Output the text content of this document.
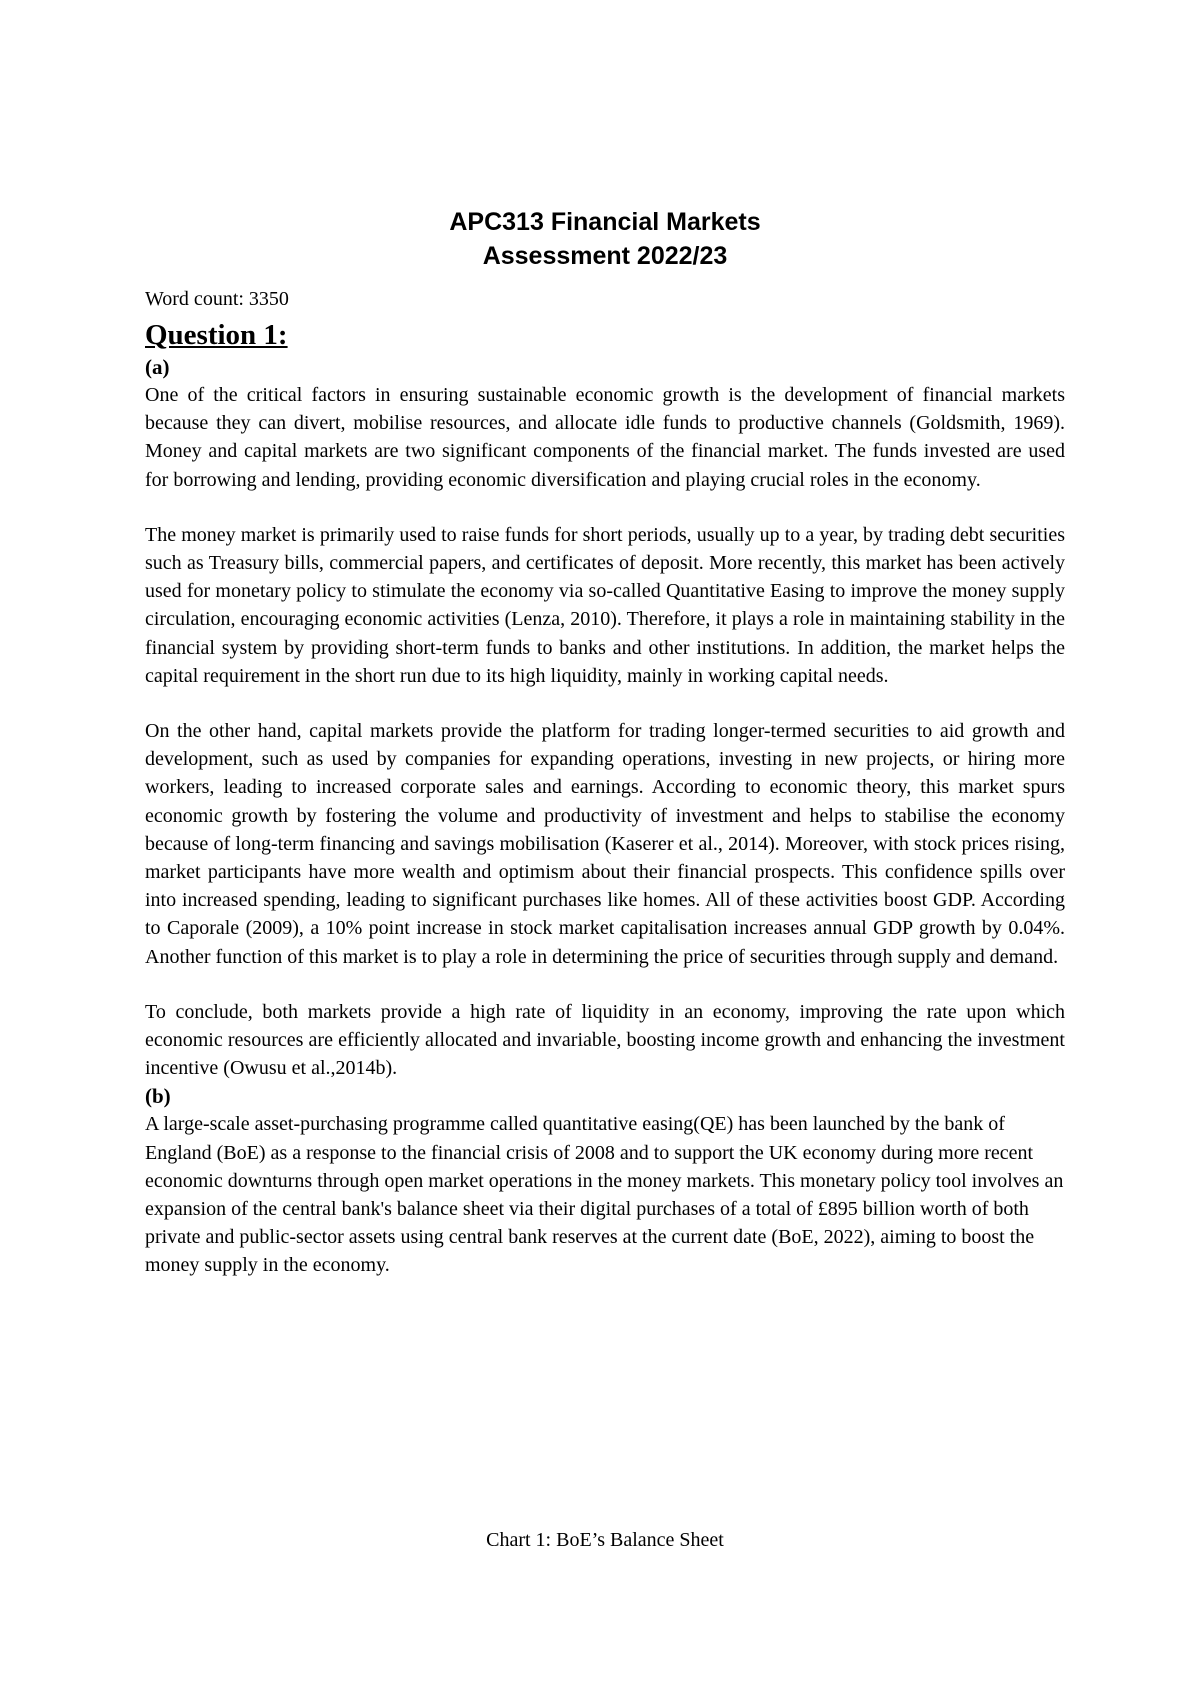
APC313 Financial Markets

Assessment 2022/23

Word count: 3350

Question 1:

(a)

One of the critical factors in ensuring sustainable economic growth is the development of financial markets because they can divert, mobilise resources, and allocate idle funds to productive channels (Goldsmith, 1969). Money and capital markets are two significant components of the financial market. The funds invested are used for borrowing and lending, providing economic diversification and playing crucial roles in the economy.

The money market is primarily used to raise funds for short periods, usually up to a year, by trading debt securities such as Treasury bills, commercial papers, and certificates of deposit. More recently, this market has been actively used for monetary policy to stimulate the economy via so-called Quantitative Easing to improve the money supply circulation, encouraging economic activities (Lenza, 2010). Therefore, it plays a role in maintaining stability in the financial system by providing short-term funds to banks and other institutions. In addition, the market helps the capital requirement in the short run due to its high liquidity, mainly in working capital needs.

On the other hand, capital markets provide the platform for trading longer-termed securities to aid growth and development, such as used by companies for expanding operations, investing in new projects, or hiring more workers, leading to increased corporate sales and earnings. According to economic theory, this market spurs economic growth by fostering the volume and productivity of investment and helps to stabilise the economy because of long-term financing and savings mobilisation (Kaserer et al., 2014). Moreover, with stock prices rising, market participants have more wealth and optimism about their financial prospects. This confidence spills over into increased spending, leading to significant purchases like homes. All of these activities boost GDP. According to Caporale (2009), a 10% point increase in stock market capitalisation increases annual GDP growth by 0.04%. Another function of this market is to play a role in determining the price of securities through supply and demand.

To conclude, both markets provide a high rate of liquidity in an economy, improving the rate upon which economic resources are efficiently allocated and invariable, boosting income growth and enhancing the investment incentive (Owusu et al.,2014b).

(b)

A large-scale asset-purchasing programme called quantitative easing(QE) has been launched by the bank of England (BoE) as a response to the financial crisis of 2008 and to support the UK economy during more recent economic downturns through open market operations in the money markets. This monetary policy tool involves an expansion of the central bank's balance sheet via their digital purchases of a total of £895 billion worth of both private and public-sector assets using central bank reserves at the current date (BoE, 2022), aiming to boost the money supply in the economy.

Chart 1: BoE’s Balance Sheet
